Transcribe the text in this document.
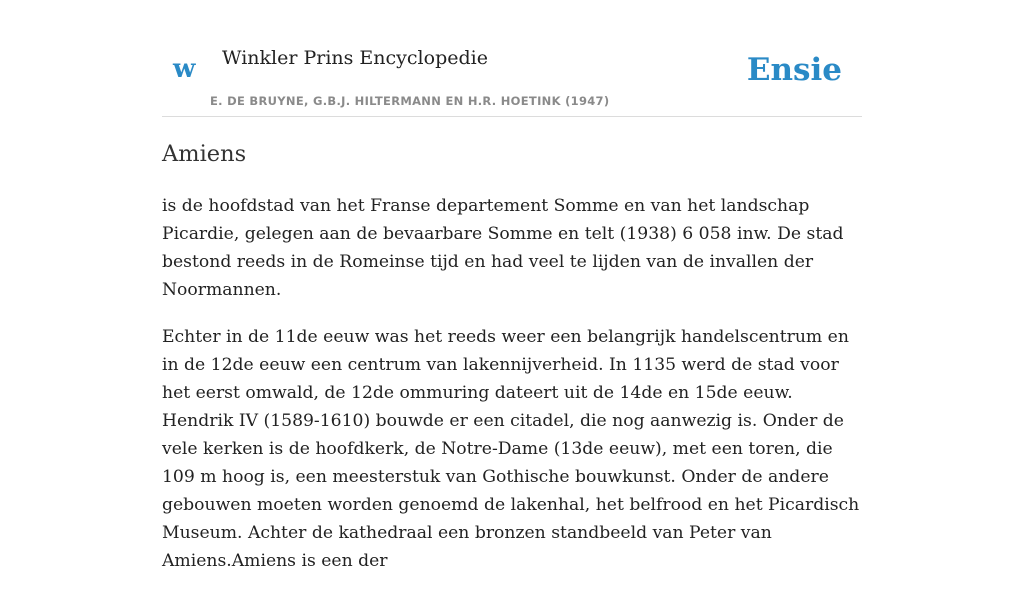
w Winkler Prins Encyclopedie
E. DE BRUYNE, G.B.J. HILTERMANN EN H.R. HOETINK (1947)
Ensie
Amiens

is de hoofdstad van het Franse departement Somme en van het landschap Picardie, gelegen aan de bevaarbare Somme en telt (1938) 6 058 inw. De stad bestond reeds in de Romeinse tijd en had veel te lijden van de invallen der Noormannen.

Echter in de 11de eeuw was het reeds weer een belangrijk handelscentrum en in de 12de eeuw een centrum van lakennijverheid. In 1135 werd de stad voor het eerst omwald, de 12de ommuring dateert uit de 14de en 15de eeuw. Hendrik IV (1589-1610) bouwde er een citadel, die nog aanwezig is. Onder de vele kerken is de hoofdkerk, de Notre-Dame (13de eeuw), met een toren, die 109 m hoog is, een meesterstuk van Gothische bouwkunst. Onder de andere gebouwen moeten worden genoemd de lakenhal, het belfrood en het Picardisch Museum. Achter de kathedraal een bronzen standbeeld van Peter van Amiens.Amiens is een der
